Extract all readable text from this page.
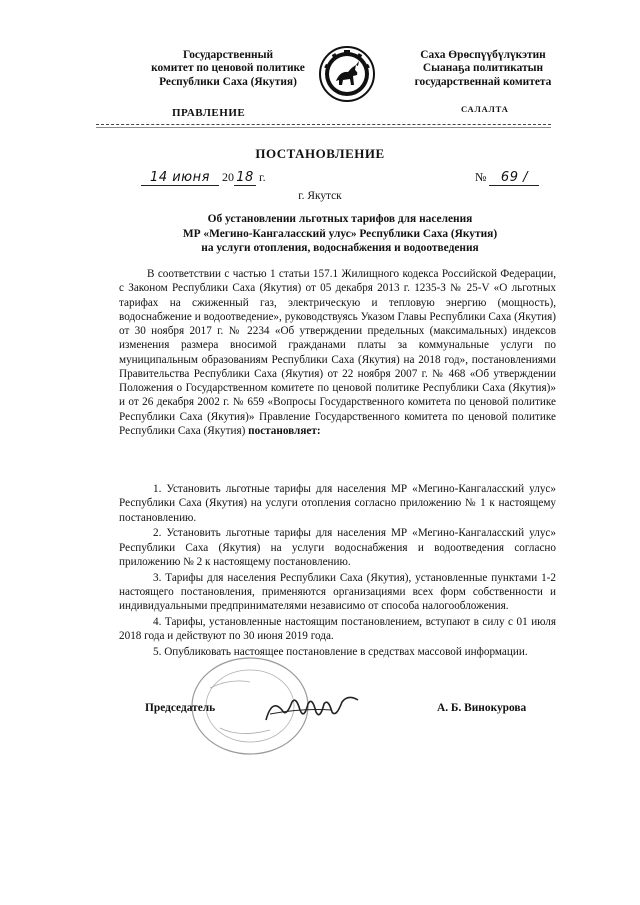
Государственный
комитет по ценовой политике
Республики Саха (Якутия)
Саха Өрөспүүбүлүкэтин
Сыанаҕа политикатын
государственнай комитета
ПРАВЛЕНИЕ	САЛАЛТА
ПОСТАНОВЛЕНИЕ
14 июня 20 18 г.	№ 69 /
г. Якутск
Об установлении льготных тарифов для населения
МР «Мегино-Кангаласский улус» Республики Саха (Якутия)
на услуги отопления, водоснабжения и водоотведения
В соответствии с частью 1 статьи 157.1 Жилищного кодекса Российской Федерации, с Законом Республики Саха (Якутия) от 05 декабря 2013 г. 1235-З № 25-V «О льготных тарифах на сжиженный газ, электрическую и тепловую энергию (мощность), водоснабжение и водоотведение», руководствуясь Указом Главы Республики Саха (Якутия) от 30 ноября 2017 г. № 2234 «Об утверждении предельных (максимальных) индексов изменения размера вносимой гражданами платы за коммунальные услуги по муниципальным образованиям Республики Саха (Якутия) на 2018 год», постановлениями Правительства Республики Саха (Якутия) от 22 ноября 2007 г. № 468 «Об утверждении Положения о Государственном комитете по ценовой политике Республики Саха (Якутия)» и от 26 декабря 2002 г. № 659 «Вопросы Государственного комитета по ценовой политике Республики Саха (Якутия)» Правление Государственного комитета по ценовой политике Республики Саха (Якутия) постановляет:

1. Установить льготные тарифы для населения МР «Мегино-Кангаласский улус» Республики Саха (Якутия) на услуги отопления согласно приложению № 1 к настоящему постановлению.

2. Установить льготные тарифы для населения МР «Мегино-Кангаласский улус» Республики Саха (Якутия) на услуги водоснабжения и водоотведения согласно приложению № 2 к настоящему постановлению.

3. Тарифы для населения Республики Саха (Якутия), установленные пунктами 1-2 настоящего постановления, применяются организациями всех форм собственности и индивидуальными предпринимателями независимо от способа налогообложения.

4. Тарифы, установленные настоящим постановлением, вступают в силу с 01 июля 2018 года и действуют по 30 июня 2019 года.

5. Опубликовать настоящее постановление в средствах массовой информации.

Председатель	А. Б. Винокурова
